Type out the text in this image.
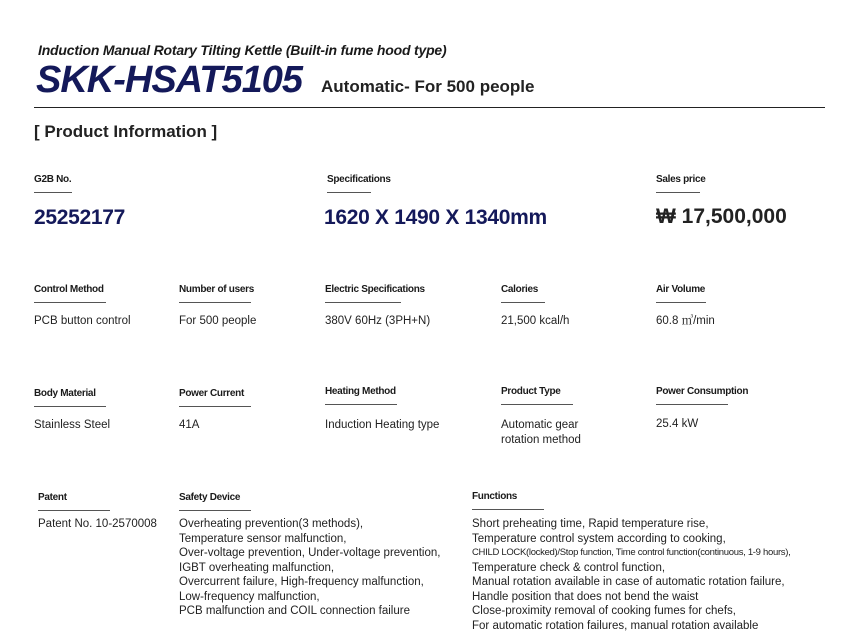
Induction Manual Rotary Tilting Kettle (Built-in fume hood type)
SKK-HSAT5105 Automatic- For 500 people
[ Product Information ]
G2B No.
25252177
Specifications
1620 X 1490 X 1340mm
Sales price
₩ 17,500,000
Control Method
PCB button control
Number of users
For 500 people
Electric Specifications
380V 60Hz (3PH+N)
Calories
21,500 kcal/h
Air Volume
60.8 ㎥/min
Body Material
Stainless Steel
Power Current
41A
Heating Method
Induction Heating type
Product Type
Automatic gear
rotation method
Power Consumption
25.4 kW
Patent
Patent No. 10-2570008
Safety Device
Overheating prevention(3 methods),
Temperature sensor malfunction,
Over-voltage prevention, Under-voltage prevention,
IGBT overheating malfunction,
Overcurrent failure, High-frequency malfunction,
Low-frequency malfunction,
PCB malfunction and COIL connection failure
Functions
Short preheating time, Rapid temperature rise,
Temperature control system according to cooking,
CHILD LOCK(locked)/Stop function, Time control function(continuous, 1-9 hours),
Temperature check & control function,
Manual rotation available in case of automatic rotation failure,
Handle position that does not bend the waist
Close-proximity removal of cooking fumes for chefs,
For automatic rotation failures, manual rotation available
